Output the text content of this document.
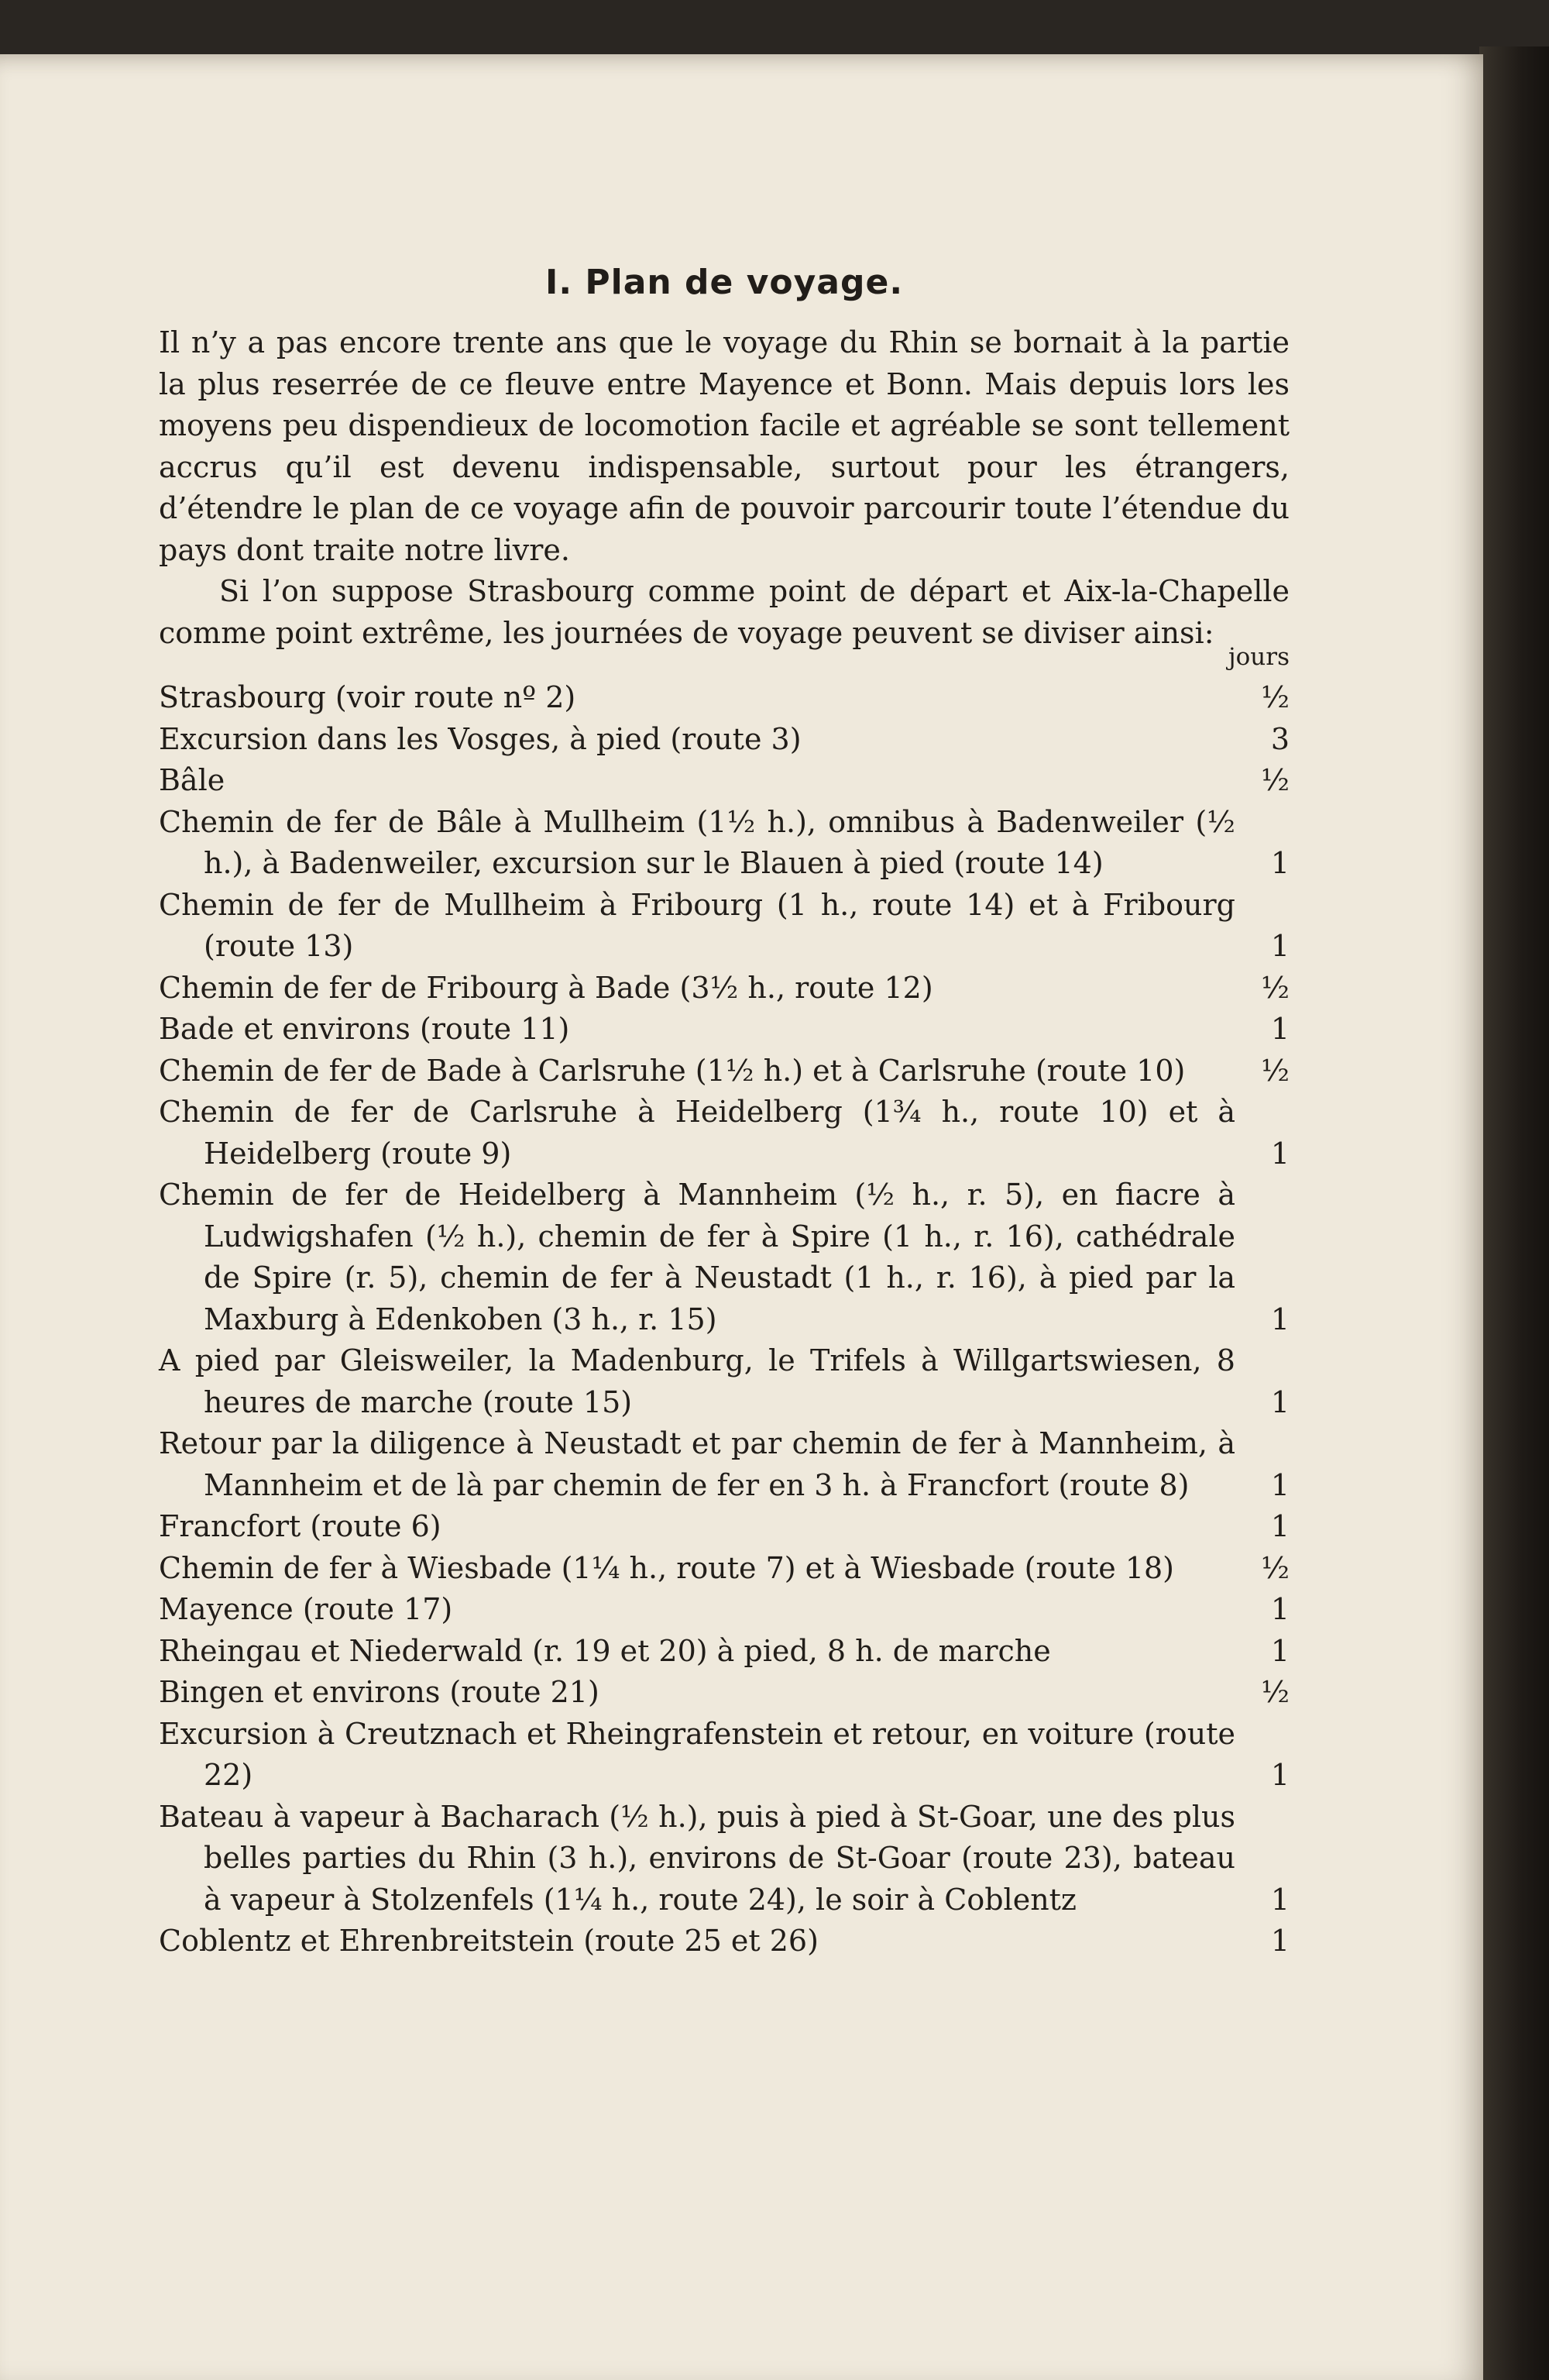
I. Plan de voyage.

Il n’y a pas encore trente ans que le voyage du Rhin se bornait à la partie la plus reserrée de ce fleuve entre Mayence et Bonn. Mais depuis lors les moyens peu dispendieux de locomotion facile et agréable se sont tellement accrus qu’il est devenu indispensable, surtout pour les étrangers, d’étendre le plan de ce voyage afin de pouvoir parcourir toute l’étendue du pays dont traite notre livre.

Si l’on suppose Strasbourg comme point de départ et Aix-la-Chapelle comme point extrême, les journées de voyage peuvent se diviser ainsi:

jours
Strasbourg (voir route nº 2)	½
Excursion dans les Vosges, à pied (route 3)	3
Bâle	½
Chemin de fer de Bâle à Mullheim (1½ h.), omnibus à Badenweiler (½ h.), à Badenweiler, excursion sur le Blauen à pied (route 14)	1
Chemin de fer de Mullheim à Fribourg (1 h., route 14) et à Fribourg (route 13)	1
Chemin de fer de Fribourg à Bade (3½ h., route 12)	½
Bade et environs (route 11)	1
Chemin de fer de Bade à Carlsruhe (1½ h.) et à Carlsruhe (route 10)	½
Chemin de fer de Carlsruhe à Heidelberg (1¾ h., route 10) et à Heidelberg (route 9)	1
Chemin de fer de Heidelberg à Mannheim (½ h., r. 5), en fiacre à Ludwigshafen (½ h.), chemin de fer à Spire (1 h., r. 16), cathédrale de Spire (r. 5), chemin de fer à Neustadt (1 h., r. 16), à pied par la Maxburg à Edenkoben (3 h., r. 15)	1
A pied par Gleisweiler, la Madenburg, le Trifels à Willgartswiesen, 8 heures de marche (route 15)	1
Retour par la diligence à Neustadt et par chemin de fer à Mannheim, à Mannheim et de là par chemin de fer en 3 h. à Francfort (route 8)	1
Francfort (route 6)	1
Chemin de fer à Wiesbade (1¼ h., route 7) et à Wiesbade (route 18)	½
Mayence (route 17)	1
Rheingau et Niederwald (r. 19 et 20) à pied, 8 h. de marche	1
Bingen et environs (route 21)	½
Excursion à Creutznach et Rheingrafenstein et retour, en voiture (route 22)	1
Bateau à vapeur à Bacharach (½ h.), puis à pied à St-Goar, une des plus belles parties du Rhin (3 h.), environs de St-Goar (route 23), bateau à vapeur à Stolzenfels (1¼ h., route 24), le soir à Coblentz	1
Coblentz et Ehrenbreitstein (route 25 et 26)	1
